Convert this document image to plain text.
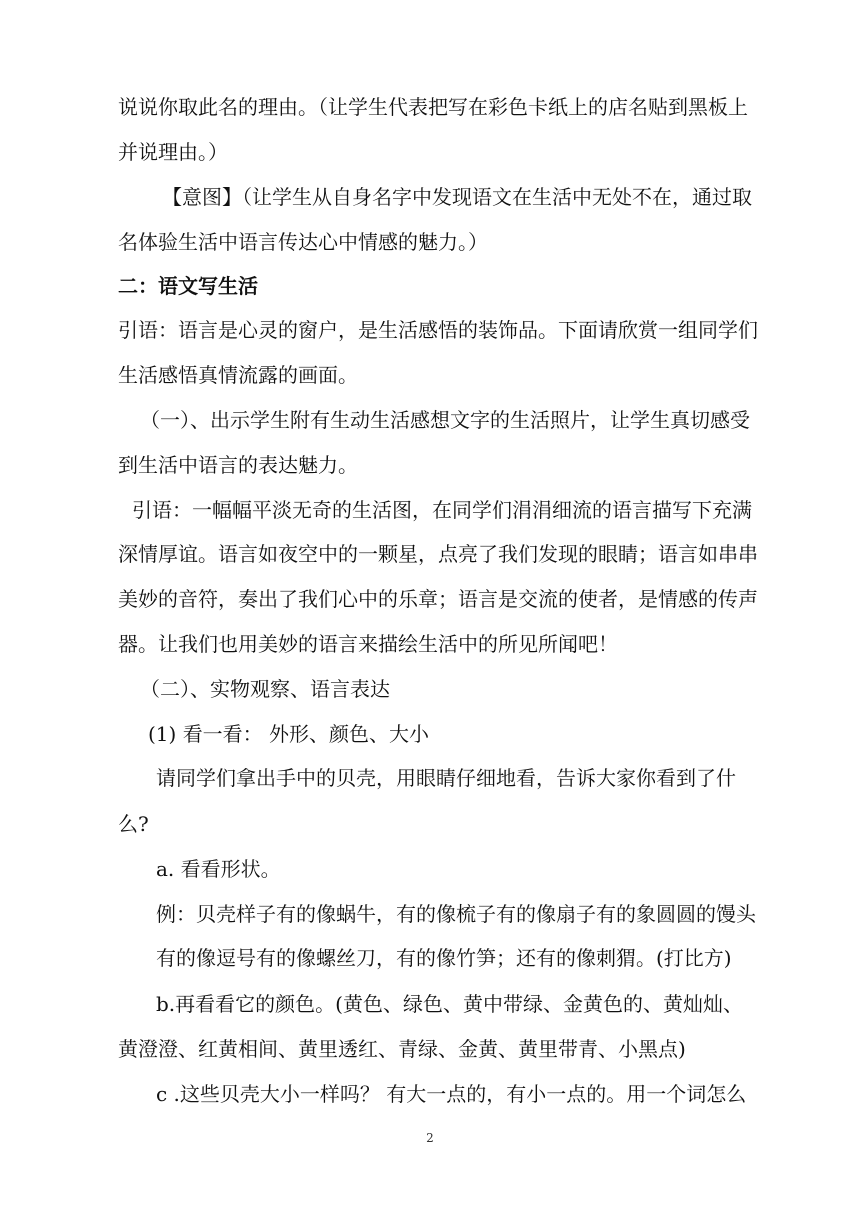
说说你取此名的理由。（让学生代表把写在彩色卡纸上的店名贴到黑板上
并说理由。）
【意图】（让学生从自身名字中发现语文在生活中无处不在，通过取
名体验生活中语言传达心中情感的魅力。）
二：语文写生活
引语：语言是心灵的窗户，是生活感悟的装饰品。下面请欣赏一组同学们
生活感悟真情流露的画面。
（一）、出示学生附有生动生活感想文字的生活照片，让学生真切感受
到生活中语言的表达魅力。
引语：一幅幅平淡无奇的生活图，在同学们涓涓细流的语言描写下充满
深情厚谊。语言如夜空中的一颗星，点亮了我们发现的眼睛；语言如串串
美妙的音符，奏出了我们心中的乐章；语言是交流的使者，是情感的传声
器。让我们也用美妙的语言来描绘生活中的所见所闻吧！
（二）、实物观察、语言表达
(1) 看一看： 外形、颜色、大小
请同学们拿出手中的贝壳，用眼睛仔细地看，告诉大家你看到了什
么?
a. 看看形状。
例：贝壳样子有的像蜗牛，有的像梳子有的像扇子有的象圆圆的馒头
有的像逗号有的像螺丝刀，有的像竹笋；还有的像刺猬。(打比方)
b.再看看它的颜色。(黄色、绿色、黄中带绿、金黄色的、黄灿灿、
黄澄澄、红黄相间、黄里透红、青绿、金黄、黄里带青、小黑点)
c .这些贝壳大小一样吗？ 有大一点的，有小一点的。用一个词怎么
2
